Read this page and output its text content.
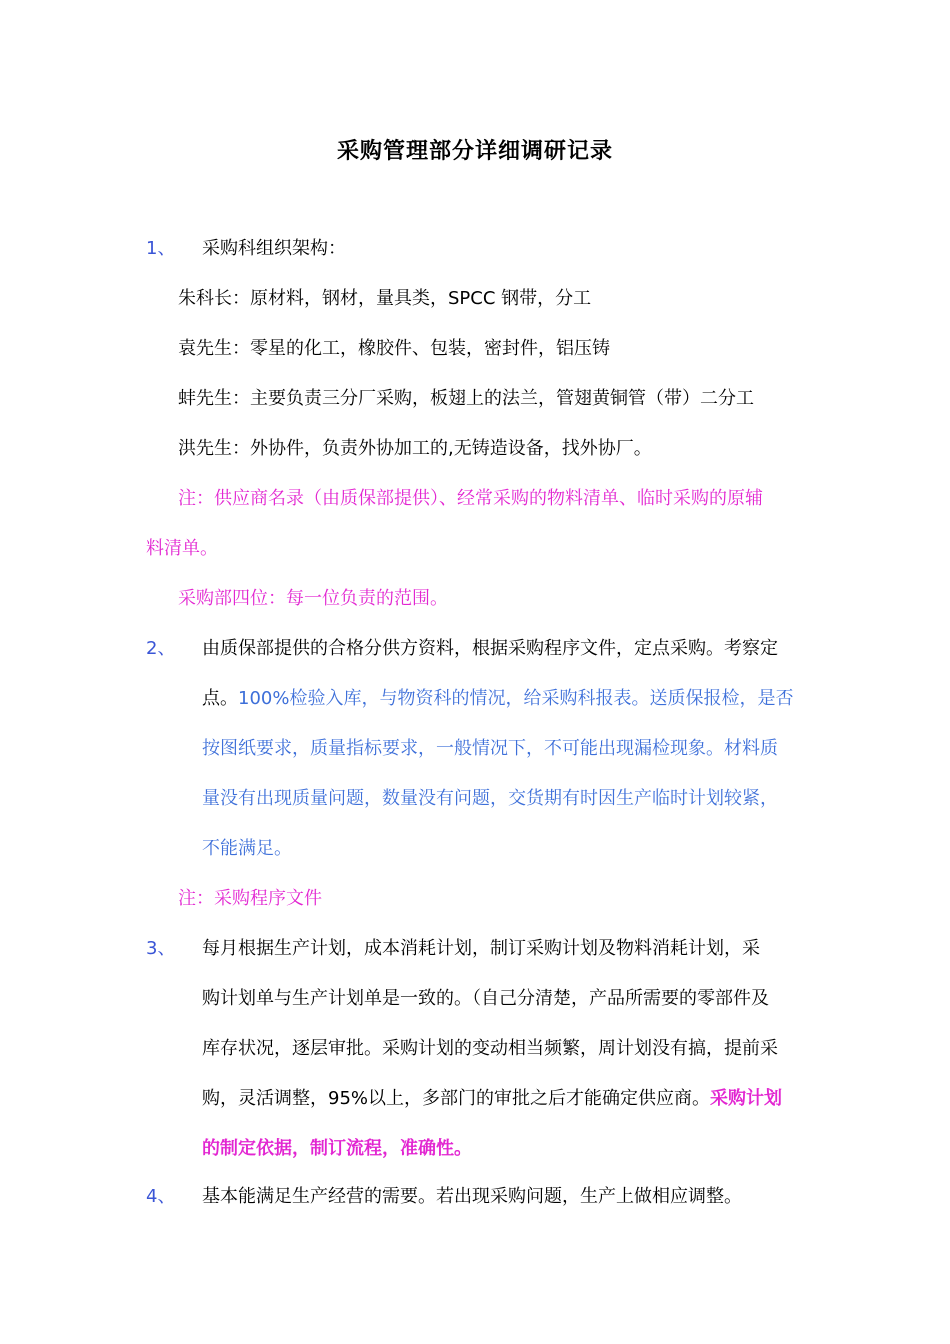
采购管理部分详细调研记录
1、 采购科组织架构：
朱科长：原材料，钢材，量具类，SPCC 钢带，分工
袁先生：零星的化工，橡胶件、包装，密封件，铝压铸
蚌先生：主要负责三分厂采购，板翅上的法兰，管翅黄铜管（带）二分工
洪先生：外协件，负责外协加工的,无铸造设备，找外协厂。
注：供应商名录（由质保部提供）、经常采购的物料清单、临时采购的原辅
料清单。
采购部四位：每一位负责的范围。
2、 由质保部提供的合格分供方资料，根据采购程序文件，定点采购。考察定
点。100%检验入库，与物资科的情况，给采购科报表。送质保报检，是否
按图纸要求，质量指标要求，一般情况下，不可能出现漏检现象。材料质
量没有出现质量问题，数量没有问题，交货期有时因生产临时计划较紧，
不能满足。
注：采购程序文件
3、 每月根据生产计划，成本消耗计划，制订采购计划及物料消耗计划，采
购计划单与生产计划单是一致的。（自己分清楚，产品所需要的零部件及
库存状况，逐层审批。采购计划的变动相当频繁，周计划没有搞，提前采
购，灵活调整，95%以上，多部门的审批之后才能确定供应商。采购计划
的制定依据，制订流程，准确性。
4、 基本能满足生产经营的需要。若出现采购问题，生产上做相应调整。
